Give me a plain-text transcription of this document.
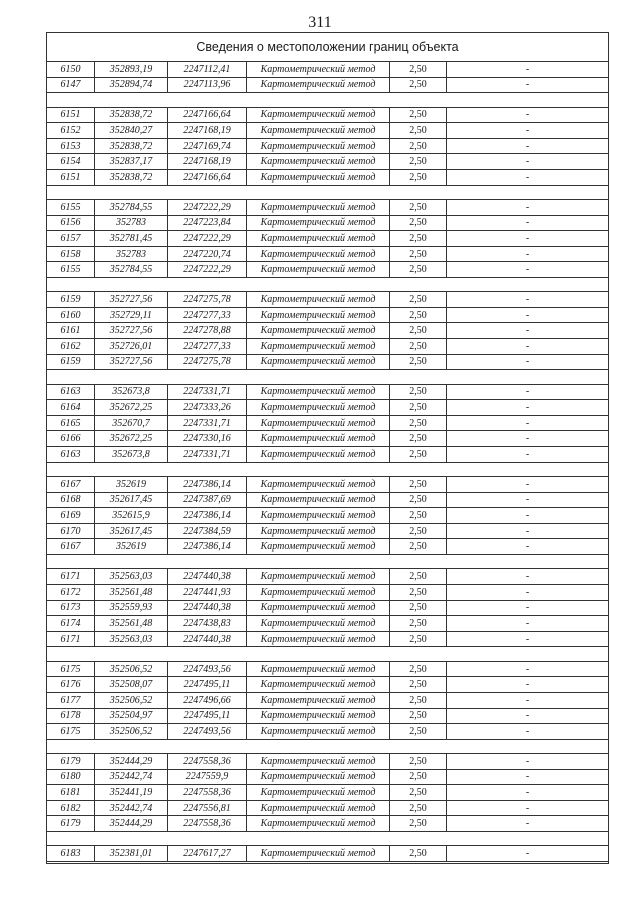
311
Сведения о местоположении границ объекта
6150	352893,19	2247112,41	Картометрический метод	2,50	-
6147	352894,74	2247113,96	Картометрический метод	2,50	-

6151	352838,72	2247166,64	Картометрический метод	2,50	-
6152	352840,27	2247168,19	Картометрический метод	2,50	-
6153	352838,72	2247169,74	Картометрический метод	2,50	-
6154	352837,17	2247168,19	Картометрический метод	2,50	-
6151	352838,72	2247166,64	Картометрический метод	2,50	-

6155	352784,55	2247222,29	Картометрический метод	2,50	-
6156	352783	2247223,84	Картометрический метод	2,50	-
6157	352781,45	2247222,29	Картометрический метод	2,50	-
6158	352783	2247220,74	Картометрический метод	2,50	-
6155	352784,55	2247222,29	Картометрический метод	2,50	-

6159	352727,56	2247275,78	Картометрический метод	2,50	-
6160	352729,11	2247277,33	Картометрический метод	2,50	-
6161	352727,56	2247278,88	Картометрический метод	2,50	-
6162	352726,01	2247277,33	Картометрический метод	2,50	-
6159	352727,56	2247275,78	Картометрический метод	2,50	-

6163	352673,8	2247331,71	Картометрический метод	2,50	-
6164	352672,25	2247333,26	Картометрический метод	2,50	-
6165	352670,7	2247331,71	Картометрический метод	2,50	-
6166	352672,25	2247330,16	Картометрический метод	2,50	-
6163	352673,8	2247331,71	Картометрический метод	2,50	-

6167	352619	2247386,14	Картометрический метод	2,50	-
6168	352617,45	2247387,69	Картометрический метод	2,50	-
6169	352615,9	2247386,14	Картометрический метод	2,50	-
6170	352617,45	2247384,59	Картометрический метод	2,50	-
6167	352619	2247386,14	Картометрический метод	2,50	-

6171	352563,03	2247440,38	Картометрический метод	2,50	-
6172	352561,48	2247441,93	Картометрический метод	2,50	-
6173	352559,93	2247440,38	Картометрический метод	2,50	-
6174	352561,48	2247438,83	Картометрический метод	2,50	-
6171	352563,03	2247440,38	Картометрический метод	2,50	-

6175	352506,52	2247493,56	Картометрический метод	2,50	-
6176	352508,07	2247495,11	Картометрический метод	2,50	-
6177	352506,52	2247496,66	Картометрический метод	2,50	-
6178	352504,97	2247495,11	Картометрический метод	2,50	-
6175	352506,52	2247493,56	Картометрический метод	2,50	-

6179	352444,29	2247558,36	Картометрический метод	2,50	-
6180	352442,74	2247559,9	Картометрический метод	2,50	-
6181	352441,19	2247558,36	Картометрический метод	2,50	-
6182	352442,74	2247556,81	Картометрический метод	2,50	-
6179	352444,29	2247558,36	Картометрический метод	2,50	-

6183	352381,01	2247617,27	Картометрический метод	2,50	-
